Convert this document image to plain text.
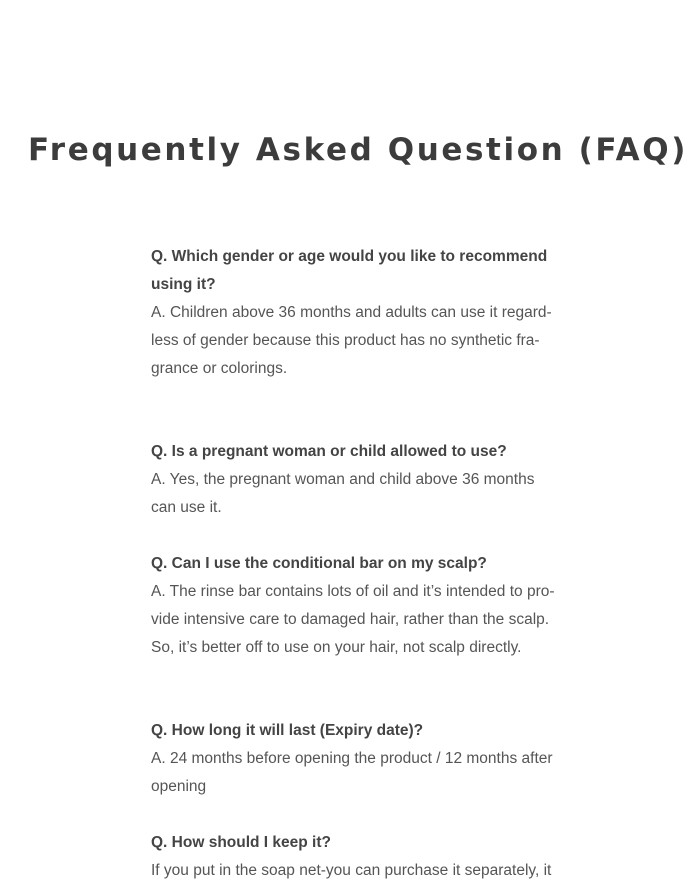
Frequently Asked Question (FAQ)
Q. Which gender or age would you like to recommend
using it?
A. Children above 36 months and adults can use it regard-
less of gender because this product has no synthetic fra-
grance or colorings.
Q. Is a pregnant woman or child allowed to use?
A. Yes, the pregnant woman and child above 36 months
can use it.
Q. Can I use the conditional bar on my scalp?
A. The rinse bar contains lots of oil and it’s intended to pro-
vide intensive care to damaged hair, rather than the scalp.
So, it’s better off to use on your hair, not scalp directly.
Q. How long it will last (Expiry date)?
A. 24 months before opening the product / 12 months after
opening
Q. How should I keep it?
If you put in the soap net-you can purchase it separately, it
